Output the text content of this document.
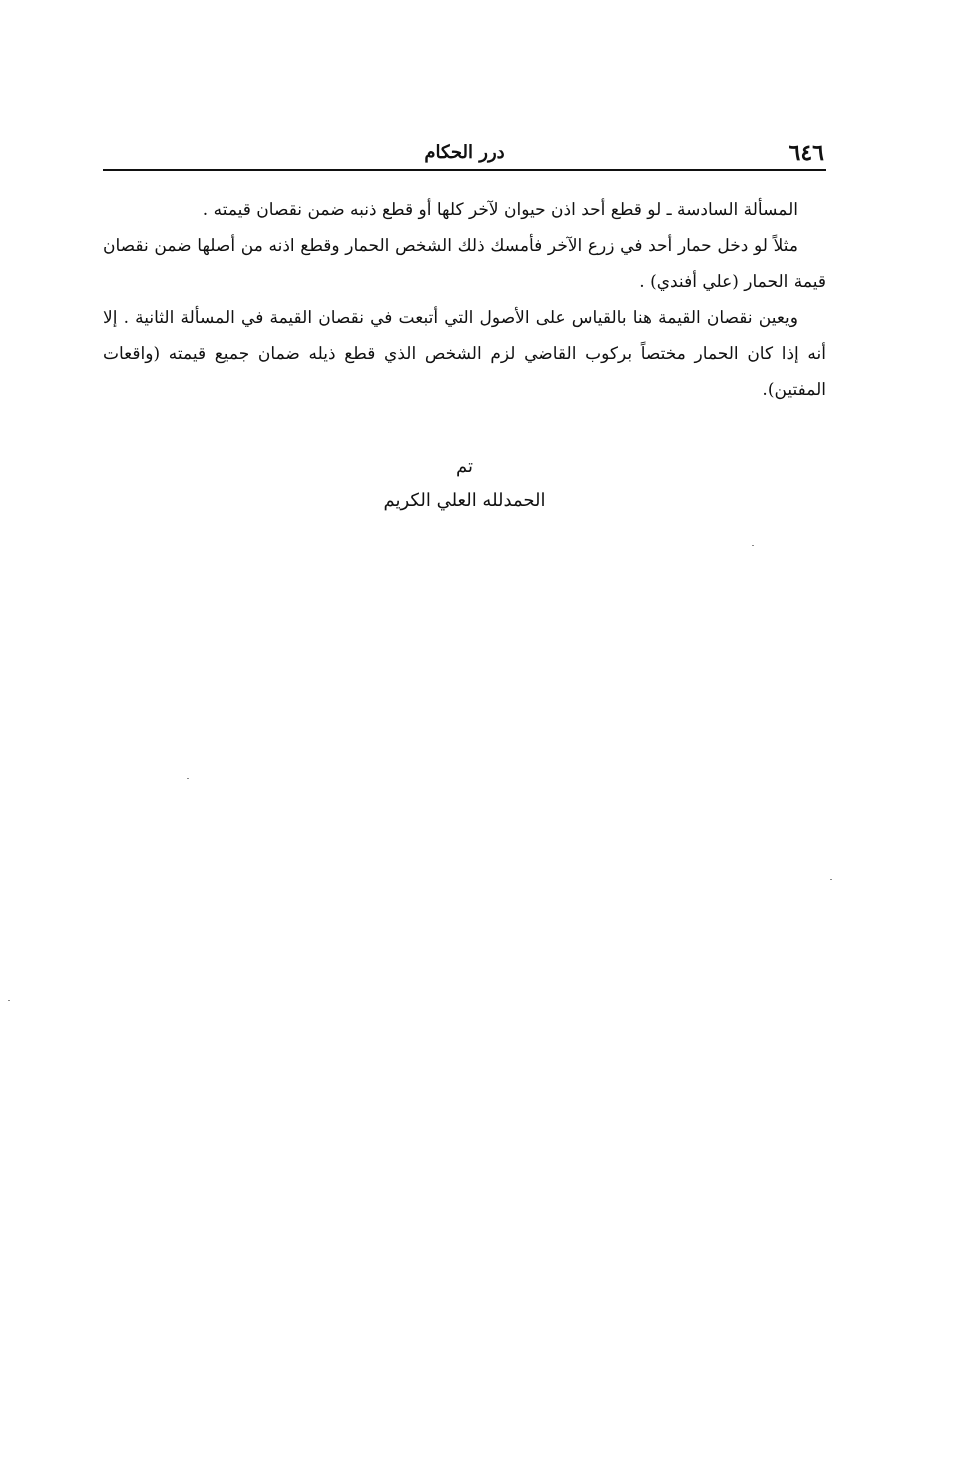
٦٤٦
درر الحكام

المسألة السادسة ـ لو قطع أحد اذن حيوان لآخر كلها أو قطع ذنبه ضمن نقصان قيمته .

مثلاً لو دخل حمار أحد في زرع الآخر فأمسك ذلك الشخص الحمار وقطع اذنه من أصلها ضمن نقصان قيمة الحمار (علي أفندي) .

ويعين نقصان القيمة هنا بالقياس على الأصول التي أتبعت في نقصان القيمة في المسألة الثانية . إلا أنه إذا كان الحمار مختصاً بركوب القاضي لزم الشخص الذي قطع ذيله ضمان جميع قيمته (واقعات المفتين).

تم
الحمدلله العلي الكريم
